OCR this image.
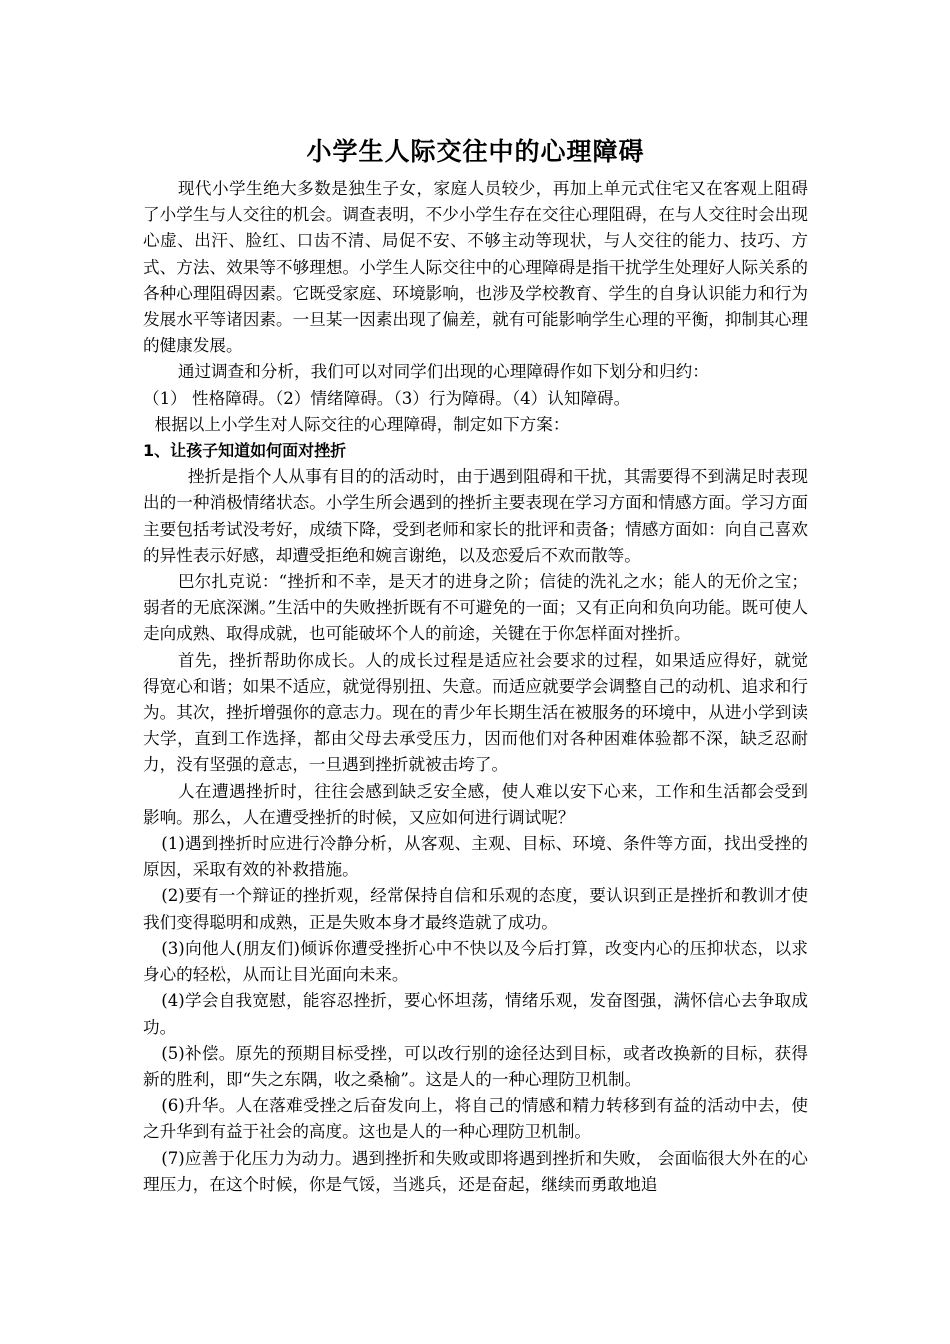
小学生人际交往中的心理障碍

现代小学生绝大多数是独生子女，家庭人员较少，再加上单元式住宅又在客观上阻碍了小学生与人交往的机会。调查表明，不少小学生存在交往心理阻碍，在与人交往时会出现心虚、出汗、脸红、口齿不清、局促不安、不够主动等现状，与人交往的能力、技巧、方式、方法、效果等不够理想。小学生人际交往中的心理障碍是指干扰学生处理好人际关系的各种心理阻碍因素。它既受家庭、环境影响，也涉及学校教育、学生的自身认识能力和行为发展水平等诸因素。一旦某一因素出现了偏差，就有可能影响学生心理的平衡，抑制其心理的健康发展。

通过调查和分析，我们可以对同学们出现的心理障碍作如下划分和归约：

（1） 性格障碍。（2）情绪障碍。（3）行为障碍。（4）认知障碍。

根据以上小学生对人际交往的心理障碍，制定如下方案：

1、让孩子知道如何面对挫折

挫折是指个人从事有目的的活动时，由于遇到阻碍和干扰，其需要得不到满足时表现出的一种消极情绪状态。小学生所会遇到的挫折主要表现在学习方面和情感方面。学习方面主要包括考试没考好，成绩下降，受到老师和家长的批评和责备；情感方面如：向自己喜欢的异性表示好感，却遭受拒绝和婉言谢绝，以及恋爱后不欢而散等。

巴尔扎克说：“挫折和不幸，是天才的进身之阶；信徒的洗礼之水；能人的无价之宝；弱者的无底深渊。”生活中的失败挫折既有不可避免的一面；又有正向和负向功能。既可使人走向成熟、取得成就，也可能破坏个人的前途，关键在于你怎样面对挫折。

首先，挫折帮助你成长。人的成长过程是适应社会要求的过程，如果适应得好，就觉得宽心和谐；如果不适应，就觉得别扭、失意。而适应就要学会调整自己的动机、追求和行为。其次，挫折增强你的意志力。现在的青少年长期生活在被服务的环境中，从进小学到读大学，直到工作选择，都由父母去承受压力，因而他们对各种困难体验都不深，缺乏忍耐力，没有坚强的意志，一旦遇到挫折就被击垮了。

人在遭遇挫折时，往往会感到缺乏安全感，使人难以安下心来，工作和生活都会受到影响。那么，人在遭受挫折的时候，又应如何进行调试呢？

(1)遇到挫折时应进行冷静分析，从客观、主观、目标、环境、条件等方面，找出受挫的原因，采取有效的补救措施。

(2)要有一个辩证的挫折观，经常保持自信和乐观的态度，要认识到正是挫折和教训才使我们变得聪明和成熟，正是失败本身才最终造就了成功。

(3)向他人(朋友们)倾诉你遭受挫折心中不快以及今后打算，改变内心的压抑状态，以求身心的轻松，从而让目光面向未来。

(4)学会自我宽慰，能容忍挫折，要心怀坦荡，情绪乐观，发奋图强，满怀信心去争取成功。

(5)补偿。原先的预期目标受挫，可以改行别的途径达到目标，或者改换新的目标，获得新的胜利，即“失之东隅，收之桑榆”。这是人的一种心理防卫机制。

(6)升华。人在落难受挫之后奋发向上，将自己的情感和精力转移到有益的活动中去，使之升华到有益于社会的高度。这也是人的一种心理防卫机制。

(7)应善于化压力为动力。遇到挫折和失败或即将遇到挫折和失败， 会面临很大外在的心理压力，在这个时候，你是气馁，当逃兵，还是奋起，继续而勇敢地追
